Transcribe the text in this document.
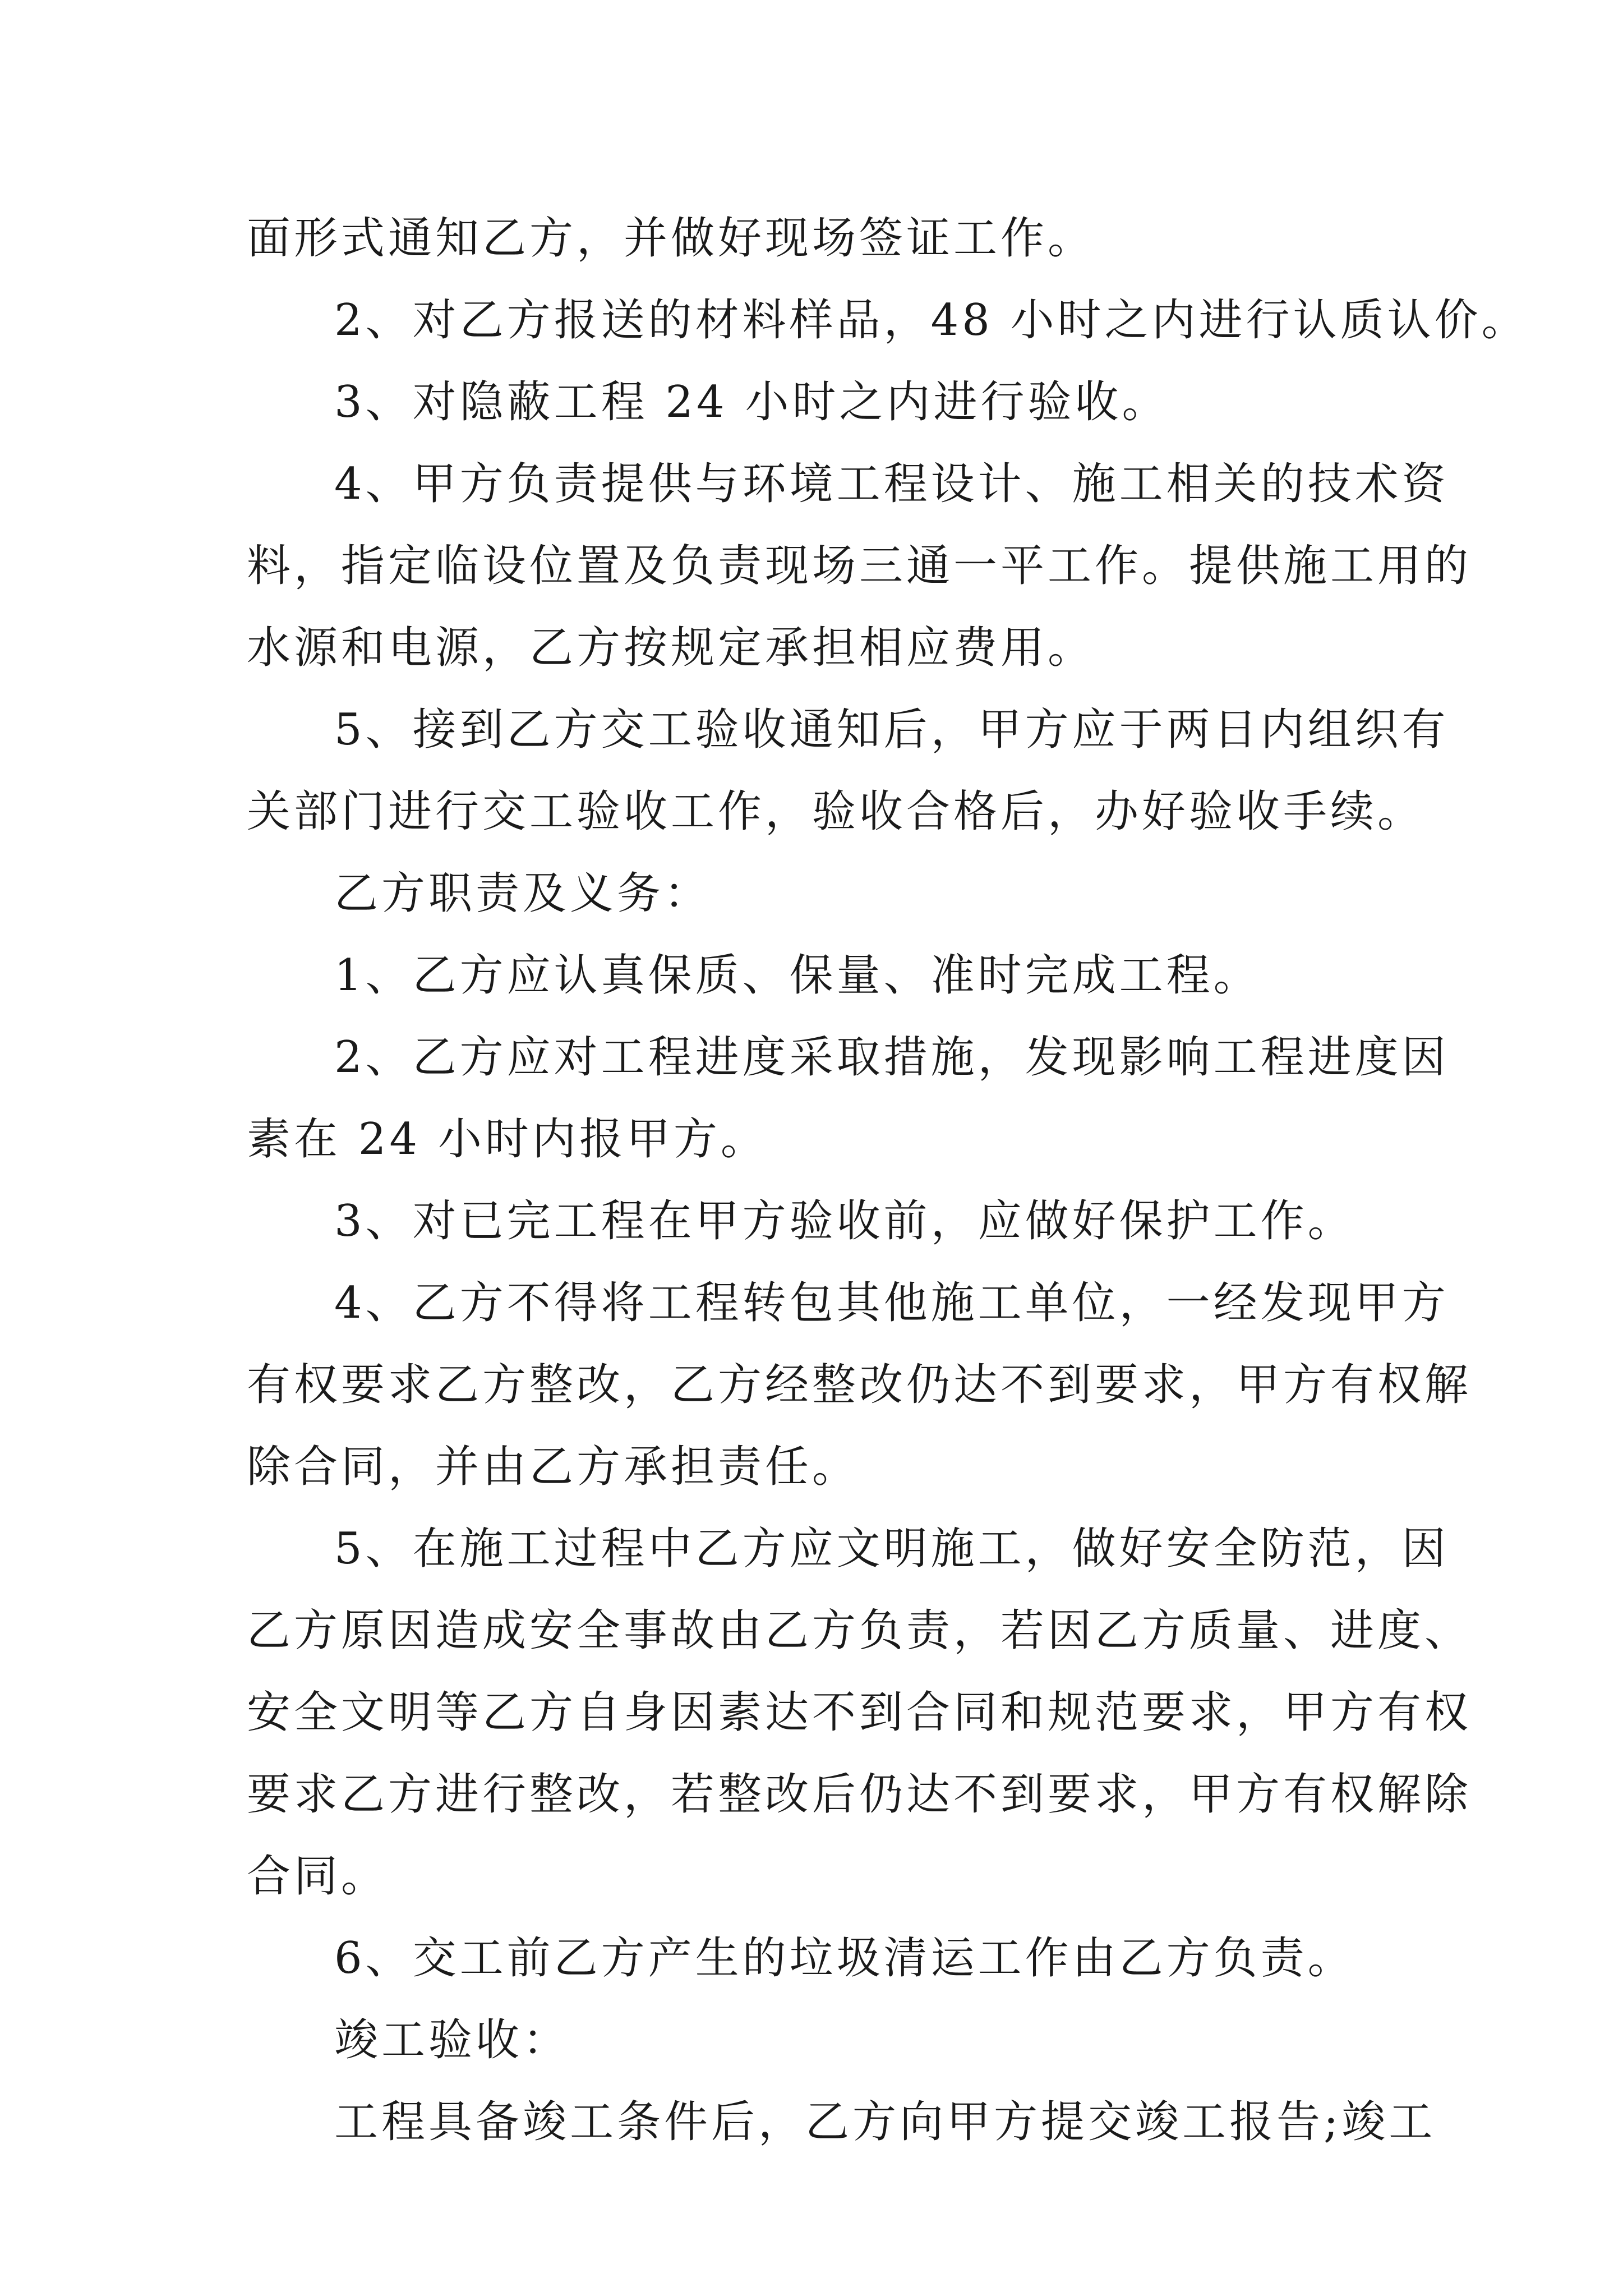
面形式通知乙方，并做好现场签证工作。
2、对乙方报送的材料样品，48 小时之内进行认质认价。
3、对隐蔽工程 24 小时之内进行验收。
4、甲方负责提供与环境工程设计、施工相关的技术资
料，指定临设位置及负责现场三通一平工作。提供施工用的
水源和电源，乙方按规定承担相应费用。
5、接到乙方交工验收通知后，甲方应于两日内组织有
关部门进行交工验收工作，验收合格后，办好验收手续。
乙方职责及义务：
1、乙方应认真保质、保量、准时完成工程。
2、乙方应对工程进度采取措施，发现影响工程进度因
素在 24 小时内报甲方。
3、对已完工程在甲方验收前，应做好保护工作。
4、乙方不得将工程转包其他施工单位，一经发现甲方
有权要求乙方整改，乙方经整改仍达不到要求，甲方有权解
除合同，并由乙方承担责任。
5、在施工过程中乙方应文明施工，做好安全防范，因
乙方原因造成安全事故由乙方负责，若因乙方质量、进度、
安全文明等乙方自身因素达不到合同和规范要求，甲方有权
要求乙方进行整改，若整改后仍达不到要求，甲方有权解除
合同。
6、交工前乙方产生的垃圾清运工作由乙方负责。
竣工验收：
工程具备竣工条件后，乙方向甲方提交竣工报告;竣工
